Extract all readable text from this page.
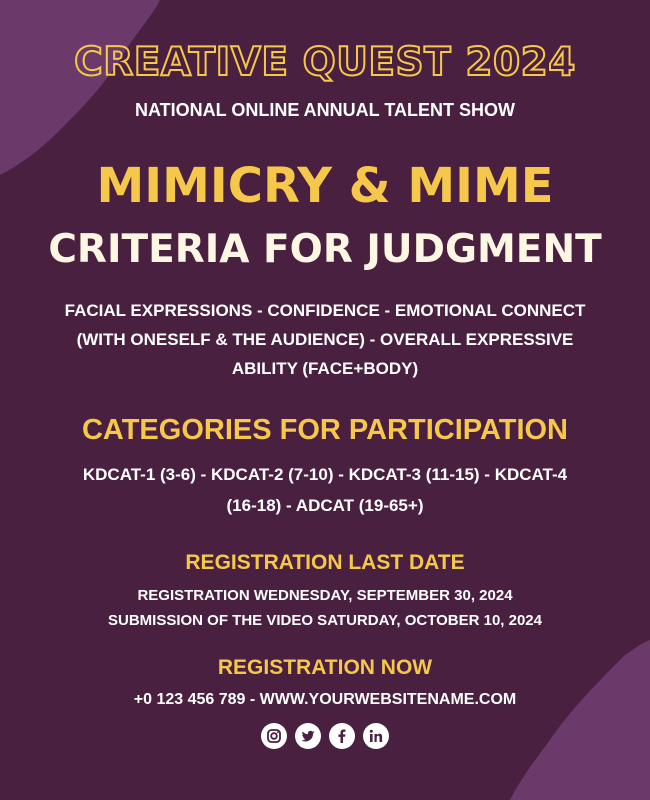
CREATIVE QUEST 2024
NATIONAL ONLINE ANNUAL TALENT SHOW
MIMICRY & MIME
CRITERIA FOR JUDGMENT
FACIAL EXPRESSIONS - CONFIDENCE - EMOTIONAL CONNECT (WITH ONESELF & THE AUDIENCE) - OVERALL EXPRESSIVE ABILITY (FACE+BODY)
CATEGORIES FOR PARTICIPATION
KDCAT-1 (3-6) - KDCAT-2 (7-10) - KDCAT-3 (11-15) - KDCAT-4 (16-18) - ADCAT (19-65+)
REGISTRATION LAST DATE
REGISTRATION WEDNESDAY, SEPTEMBER 30, 2024
SUBMISSION OF THE VIDEO SATURDAY, OCTOBER 10, 2024
REGISTRATION NOW
+0 123 456 789 - WWW.YOURWEBSITENAME.COM
